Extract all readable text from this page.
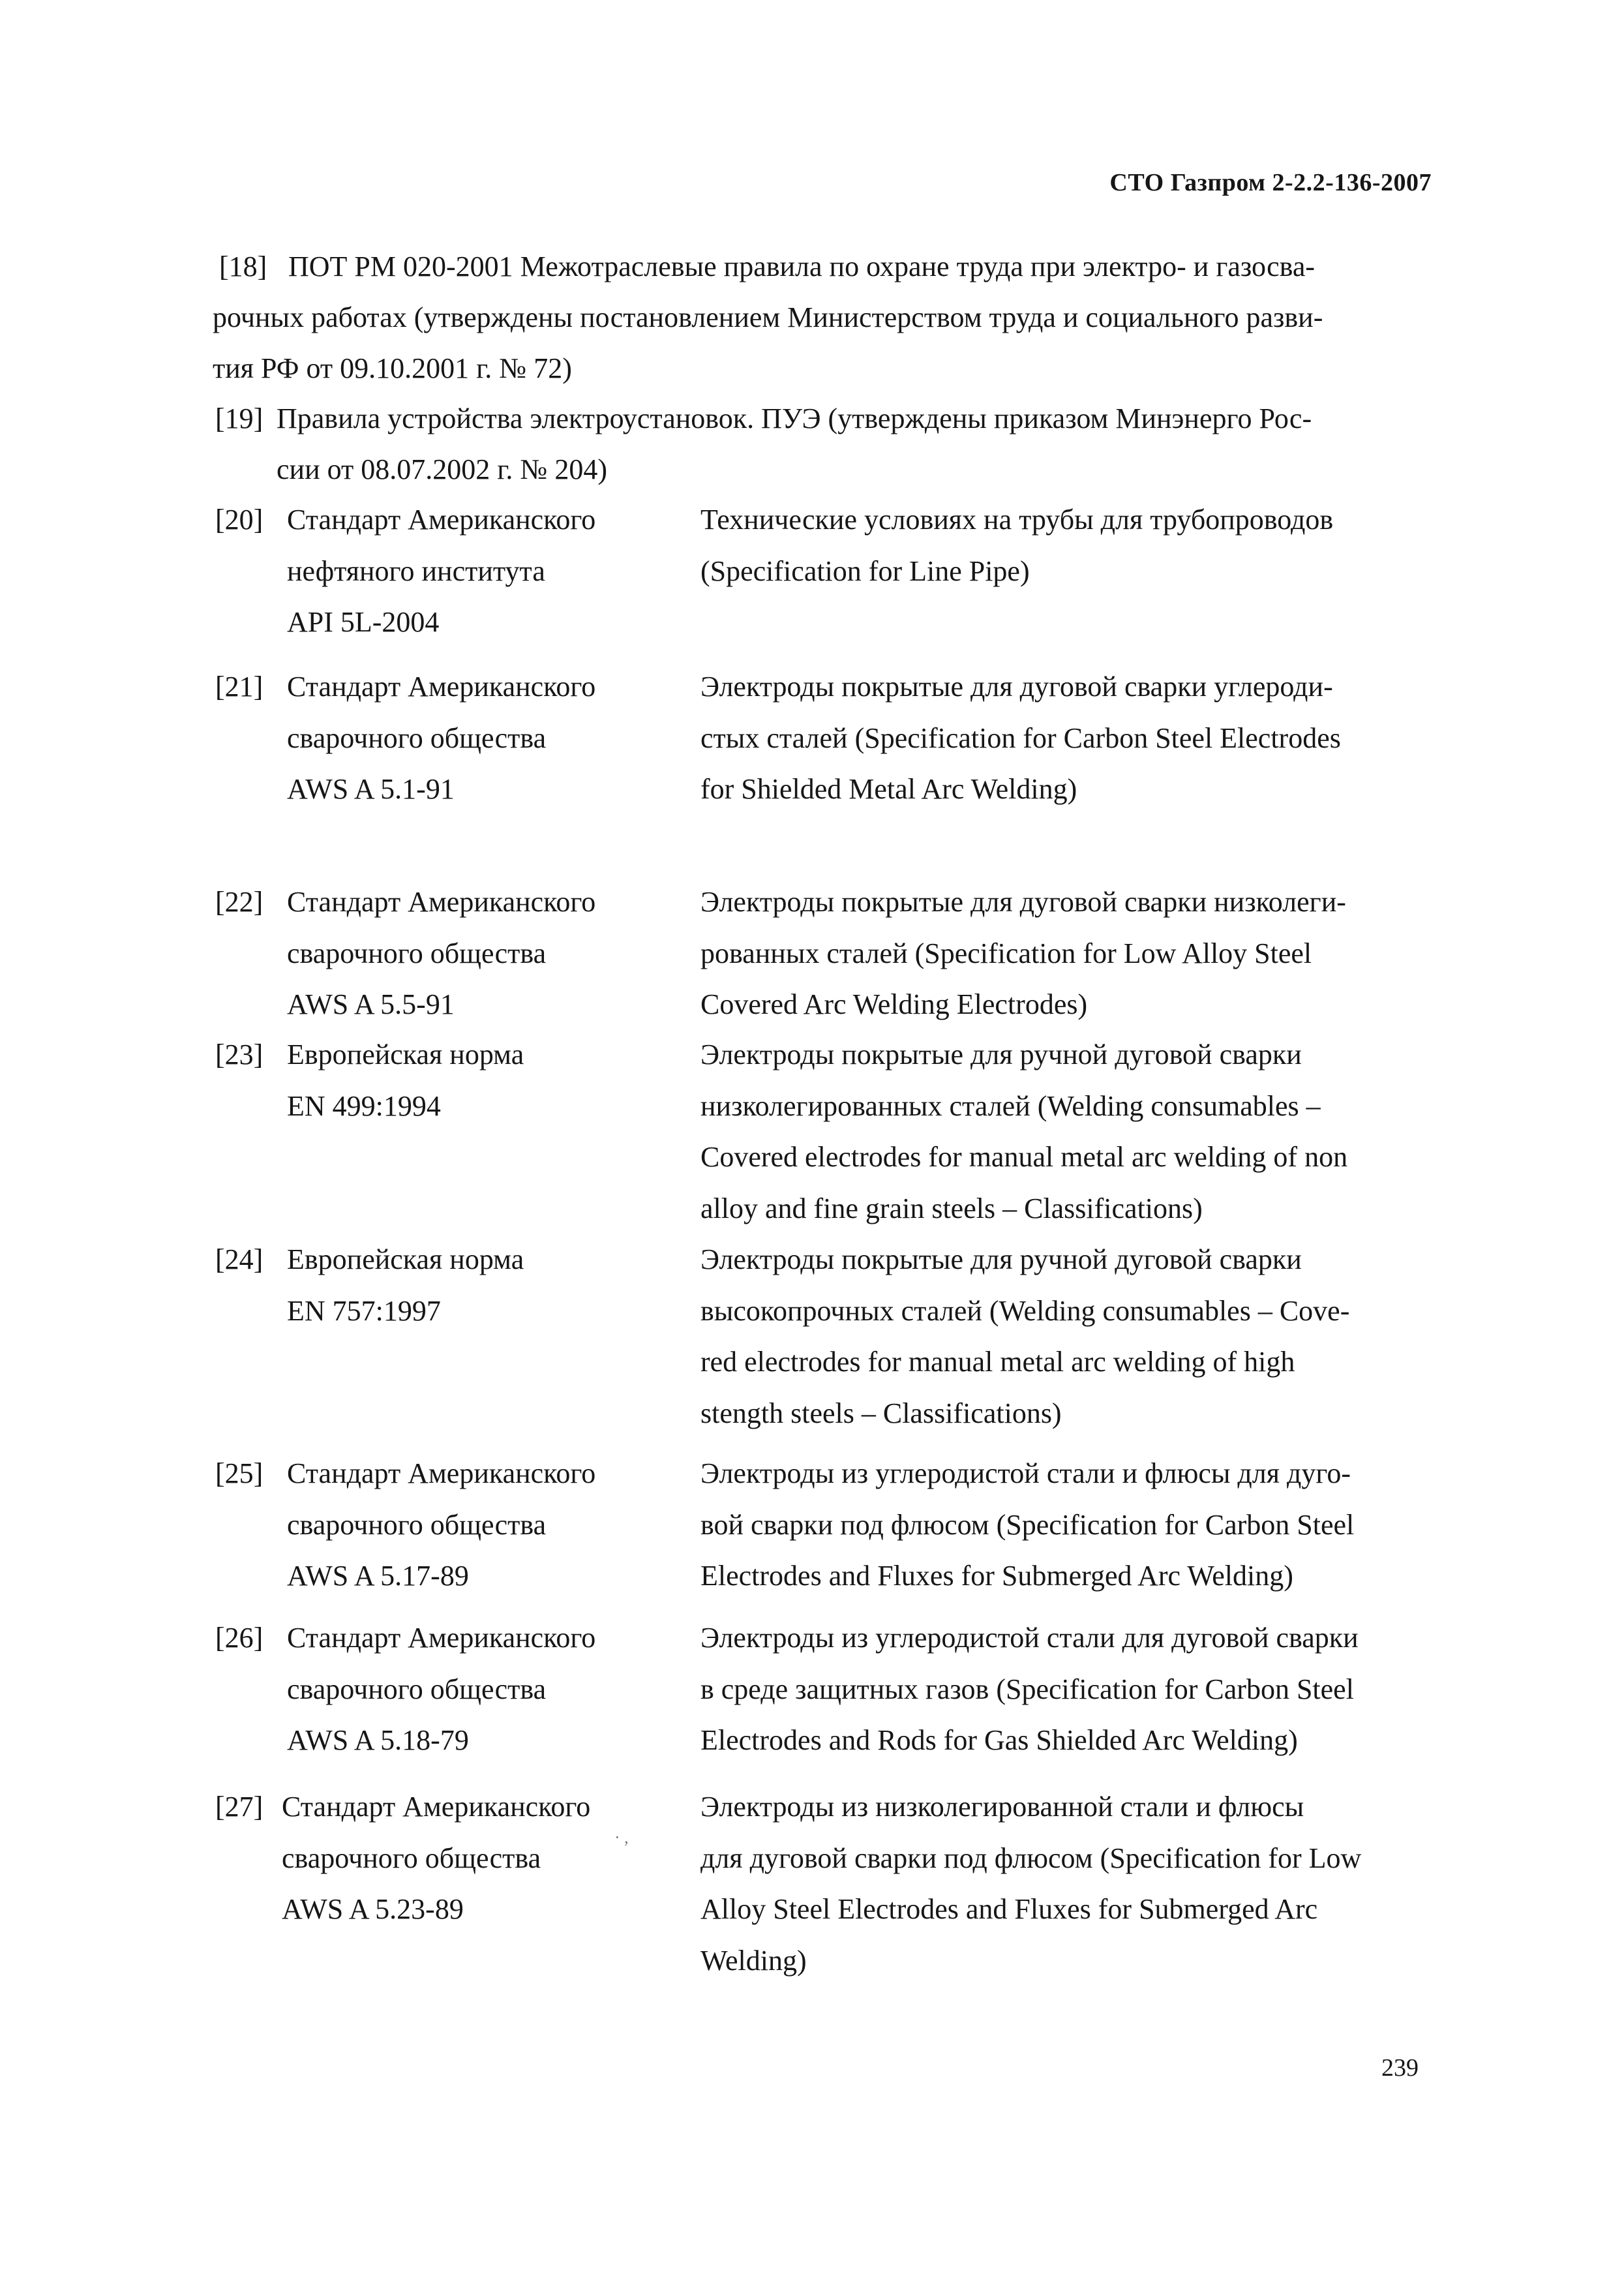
СТО Газпром 2-2.2-136-2007
[18] ПОТ РМ 020-2001 Межотраслевые правила по охране труда при электро- и газосва-
рочных работах (утверждены постановлением Министерством труда и социального разви-
тия РФ от 09.10.2001 г. № 72)
[19] Правила устройства электроустановок. ПУЭ (утверждены приказом Минэнерго Рос-
сии от 08.07.2002 г. № 204)
[20] Стандарт Американского
нефтяного института
API 5L-2004
Технические условиях на трубы для трубопроводов
(Specification for Line Pipe)
[21] Стандарт Американского
сварочного общества
AWS A 5.1-91
Электроды покрытые для дуговой сварки углероди-
стых сталей (Specification for Carbon Steel Electrodes
for Shielded Metal Arc Welding)
[22] Стандарт Американского
сварочного общества
AWS A 5.5-91
Электроды покрытые для дуговой сварки низколеги-
рованных сталей (Specification for Low Alloy Steel
Covered Arc Welding Electrodes)
[23] Европейская норма
EN 499:1994
Электроды покрытые для ручной дуговой сварки
низколегированных сталей (Welding consumables –
Covered electrodes for manual metal arc welding of non
alloy and fine grain steels – Classifications)
[24] Европейская норма
EN 757:1997
Электроды покрытые для ручной дуговой сварки
высокопрочных сталей (Welding consumables – Cove-
red electrodes for manual metal arc welding of high
stength steels – Classifications)
[25] Стандарт Американского
сварочного общества
AWS A 5.17-89
Электроды из углеродистой стали и флюсы для дуго-
вой сварки под флюсом (Specification for Carbon Steel
Electrodes and Fluxes for Submerged Arc Welding)
[26] Стандарт Американского
сварочного общества
AWS A 5.18-79
Электроды из углеродистой стали для дуговой сварки
в среде защитных газов (Specification for Carbon Steel
Electrodes and Rods for Gas Shielded Arc Welding)
[27] Стандарт Американского
сварочного общества
AWS A 5.23-89
Электроды из низколегированной стали и флюсы
для дуговой сварки под флюсом (Specification for Low
Alloy Steel Electrodes and Fluxes for Submerged Arc
Welding)
· ,
239
